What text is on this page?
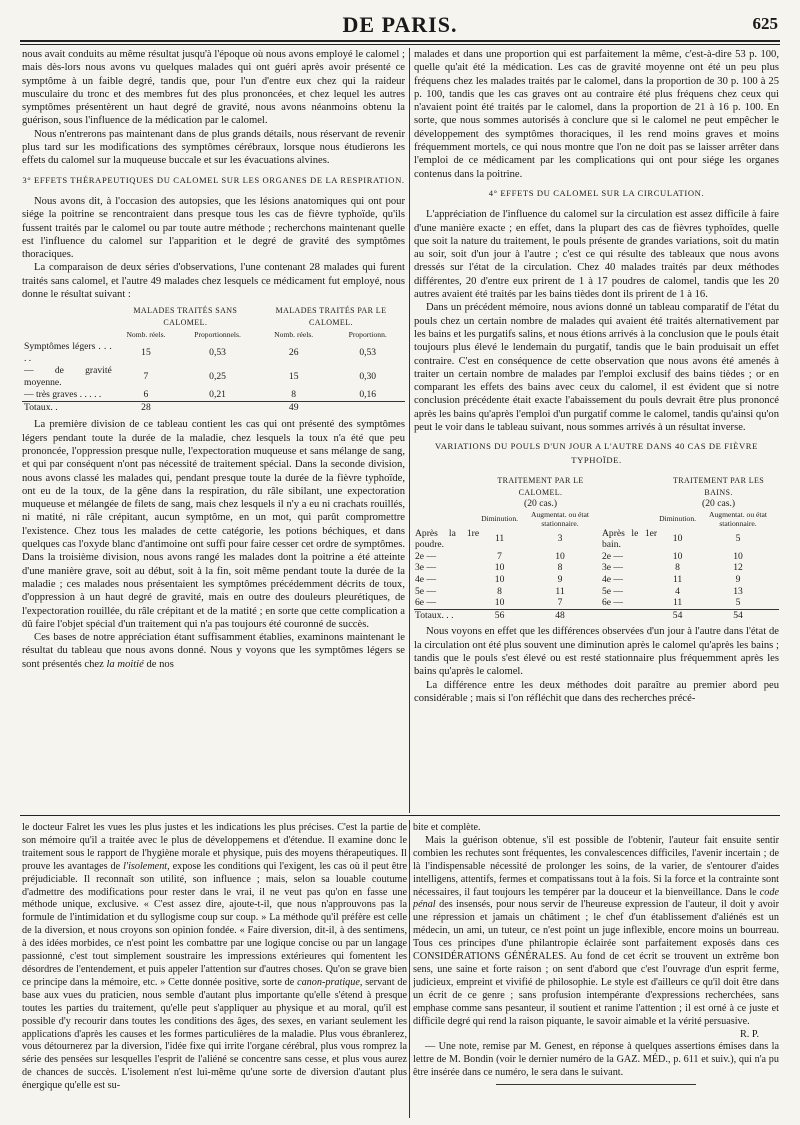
DE PARIS.	625

nous avait conduits au même résultat jusqu'à l'époque où nous avons employé le calomel ; mais dès-lors nous avons vu quelques malades qui ont guéri après avoir présenté ce symptôme à un faible degré, tandis que, pour l'un d'entre eux chez qui la raideur musculaire du tronc et des membres fut des plus prononcées, et chez lequel les autres symptômes présentèrent un haut degré de gravité, nous avons néanmoins obtenu la guérison, sous l'influence de la médication par le calomel.

Nous n'entrerons pas maintenant dans de plus grands détails, nous réservant de revenir plus tard sur les modifications des symptômes cérébraux, lorsque nous étudierons les effets du calomel sur la muqueuse buccale et sur les évacuations alvines.

3° EFFETS THÉRAPEUTIQUES DU CALOMEL SUR LES ORGANES DE LA RESPIRATION.

Nous avons dit, à l'occasion des autopsies, que les lésions anatomiques qui ont pour siége la poitrine se rencontraient dans presque tous les cas de fièvre typhoïde, qu'ils fussent traités par le calomel ou par toute autre méthode ; recherchons maintenant quelle est l'influence du calomel sur l'apparition et le degré de gravité des symptômes thoraciques.

La comparaison de deux séries d'observations, l'une contenant 28 malades qui furent traités sans calomel, et l'autre 49 malades chez lesquels ce médicament fut employé, nous donne le résultat suivant :

	MALADES TRAITÉS SANS CALOMEL.		MALADES TRAITÉS PAR LE CALOMEL.	
	Nomb. réels.	Proportionnels.	Nomb. réels.	Proportionn.
Symptômes légers . . . . .	15	0,53	26	0,53
— de gravité moyenne.	7	0,25	15	0,30
— très graves . . . . .	6	0,21	8	0,16
Totaux. .	28		49	

La première division de ce tableau contient les cas qui ont présenté des symptômes légers pendant toute la durée de la maladie, chez lesquels la toux n'a été que peu prononcée, l'oppression presque nulle, l'expectoration muqueuse et sans mélange de sang, et qui par conséquent n'ont pas nécessité de traitement spécial. Dans la seconde division, nous avons classé les malades qui, pendant presque toute la durée de la fièvre typhoïde, ont eu de la toux, de la gêne dans la respiration, du râle sibilant, une expectoration muqueuse et mélangée de filets de sang, mais chez lesquels il n'y a eu ni crachats rouillés, ni matité, ni râle crépitant, aucun symptôme, en un mot, qui parût compromettre l'existence. Chez tous les malades de cette catégorie, les potions béchiques, et dans quelques cas l'oxyde blanc d'antimoine ont suffi pour faire cesser cet ordre de symptômes. Dans la troisième division, nous avons rangé les malades dont la poitrine a été atteinte d'une manière grave, soit au début, soit à la fin, soit même pendant toute la durée de la maladie ; ces malades nous présentaient les symptômes précédemment décrits de toux, d'oppression à un haut degré de gravité, mais en outre des douleurs pleurétiques, de l'expectoration rouillée, du râle crépitant et de la matité ; en sorte que cette complication a dû faire l'objet spécial d'un traitement qui n'a pas toujours été couronné de succès.

Ces bases de notre appréciation étant suffisamment établies, examinons maintenant le résultat du tableau que nous avons donné. Nous y voyons que les symptômes légers se sont présentés chez la moitié de nos

malades et dans une proportion qui est parfaitement la même, c'est-à-dire 53 p. 100, quelle qu'ait été la médication. Les cas de gravité moyenne ont été un peu plus fréquens chez les malades traités par le calomel, dans la proportion de 30 p. 100 à 25 p. 100, tandis que les cas graves ont au contraire été plus fréquens chez ceux qui n'avaient point été traités par le calomel, dans la proportion de 21 à 16 p. 100. En sorte, que nous sommes autorisés à conclure que si le calomel ne peut empêcher le développement des symptômes thoraciques, il les rend moins graves et moins fréquemment mortels, ce qui nous montre que l'on ne doit pas se laisser arrêter dans l'emploi de ce médicament par les complications qui ont pour siége les organes contenus dans la poitrine.

4° EFFETS DU CALOMEL SUR LA CIRCULATION.

L'appréciation de l'influence du calomel sur la circulation est assez difficile à faire d'une manière exacte ; en effet, dans la plupart des cas de fièvres typhoïdes, quelle que soit la nature du traitement, le pouls présente de grandes variations, soit du matin au soir, soit d'un jour à l'autre ; c'est ce qui résulte des tableaux que nous avons dressés sur l'état de la circulation. Chez 40 malades traités par deux méthodes différentes, 20 d'entre eux prirent de 1 à 17 poudres de calomel, tandis que les 20 autres avaient été traités par les bains tièdes dont ils prirent de 1 à 16.

Dans un précédent mémoire, nous avions donné un tableau comparatif de l'état du pouls chez un certain nombre de malades qui avaient été traités alternativement par les bains et les purgatifs salins, et nous étions arrivés à la conclusion que le pouls était toujours plus élevé le lendemain du purgatif, tandis que le bain produisait un effet contraire. C'est en conséquence de cette observation que nous avons été amenés à traiter un certain nombre de malades par l'emploi exclusif des bains tièdes ; or en comparant les effets des bains avec ceux du calomel, il est évident que si notre conclusion précédente était exacte l'abaissement du pouls devrait être plus prononcé après les bains qu'après l'emploi d'un purgatif comme le calomel, tandis qu'ainsi qu'on peut le voir dans le tableau suivant, nous sommes arrivés à un résultat inverse.

VARIATIONS DU POULS D'UN JOUR A L'AUTRE DANS 40 CAS DE FIÈVRE TYPHOÏDE.

	TRAITEMENT PAR LE CALOMEL.			TRAITEMENT PAR LES BAINS.	
	(20 cas.)			(20 cas.)	
	Diminution.	Augmentat. ou état stationnaire.		Diminution.	Augmentat. ou état stationnaire.
Après la 1re poudre.	11	3	Après le 1er bain.	10	5
2e —	7	10	2e —	10	10
3e —	10	8	3e —	8	12
4e —	10	9	4e —	11	9
5e —	8	11	5e —	4	13
6e —	10	7	6e —	11	5
Totaux. . .	56	48		54	54

Nous voyons en effet que les différences observées d'un jour à l'autre dans l'état de la circulation ont été plus souvent une diminution après le calomel qu'après les bains ; tandis que le pouls s'est élevé ou est resté stationnaire plus fréquemment après les bains qu'après le calomel.

La différence entre les deux méthodes doit paraître au premier abord peu considérable ; mais si l'on réfléchit que dans des recherches précé-

le docteur Falret les vues les plus justes et les indications les plus précises. C'est la partie de son mémoire qu'il a traitée avec le plus de développemens et d'étendue. Il examine donc le traitement sous le rapport de l'hygiène morale et physique, puis des moyens thérapeutiques. Il prouve les avantages de l'isolement, expose les conditions qui l'exigent, les cas où il peut être préjudiciable. Il reconnaît son utilité, son influence ; mais, selon sa louable coutume d'admettre des modifications pour rester dans le vrai, il ne veut pas qu'on en fasse une méthode unique, exclusive. « C'est assez dire, ajoute-t-il, que nous n'approuvons pas la formule de l'intimidation et du syllogisme coup sur coup. » La méthode qu'il préfère est celle de la diversion, et nous croyons son opinion fondée. « Faire diversion, dit-il, à des sentimens, à des idées morbides, ce n'est point les combattre par une logique concise ou par un langage passionné, c'est tout simplement soustraire les impressions extérieures qui fomentent les désordres de l'entendement, et puis appeler l'attention sur d'autres choses. Qu'on se grave bien ce principe dans la mémoire, etc. » Cette donnée positive, sorte de canon-pratique, servant de base aux vues du praticien, nous semble d'autant plus importante qu'elle s'étend à presque toutes les parties du traitement, qu'elle peut s'appliquer au physique et au moral, qu'il est possible d'y recourir dans toutes les conditions des âges, des sexes, en variant seulement les applications d'après les causes et les formes particulières de la maladie. Plus vous ébranlerez, vous détournerez par la diversion, l'idée fixe qui irrite l'organe cérébral, plus vous romprez la série des pensées sur lesquelles l'esprit de l'aliéné se concentre sans cesse, et plus vous aurez de chances de succès. L'isolement n'est lui-même qu'une sorte de diversion d'autant plus énergique qu'elle est su-

bite et complète.

Mais la guérison obtenue, s'il est possible de l'obtenir, l'auteur fait ensuite sentir combien les rechutes sont fréquentes, les convalescences difficiles, l'avenir incertain ; de là l'indispensable nécessité de prolonger les soins, de la varier, de s'entourer d'aides intelligens, attentifs, fermes et compatissans tout à la fois. Si la force et la contrainte sont nécessaires, il faut toujours les tempérer par la douceur et la bienveillance. Dans le code pénal des insensés, pour nous servir de l'heureuse expression de l'auteur, il doit y avoir une répression et jamais un châtiment ; le chef d'un établissement d'aliénés est un médecin, un ami, un tuteur, ce n'est point un juge inflexible, encore moins un bourreau. Tous ces principes d'une philantropie éclairée sont parfaitement exposés dans ces CONSIDÉRATIONS GÉNÉRALES. Au fond de cet écrit se trouvent un extrême bon sens, une saine et forte raison ; on sent d'abord que c'est l'ouvrage d'un esprit ferme, judicieux, empreint et vivifié de philosophie. Le style est d'ailleurs ce qu'il doit être dans un écrit de ce genre ; sans profusion intempérante d'expressions recherchées, sans emphase comme sans pesanteur, il soutient et ranime l'attention ; il est orné à ce juste et difficile degré qui rend la raison piquante, le savoir aimable et la vérité persuasive.

R. P.

— Une note, remise par M. Genest, en réponse à quelques assertions émises dans la lettre de M. Bondin (voir le dernier numéro de la GAZ. MÉD., p. 611 et suiv.), qui n'a pu être insérée dans ce numéro, le sera dans le suivant.
